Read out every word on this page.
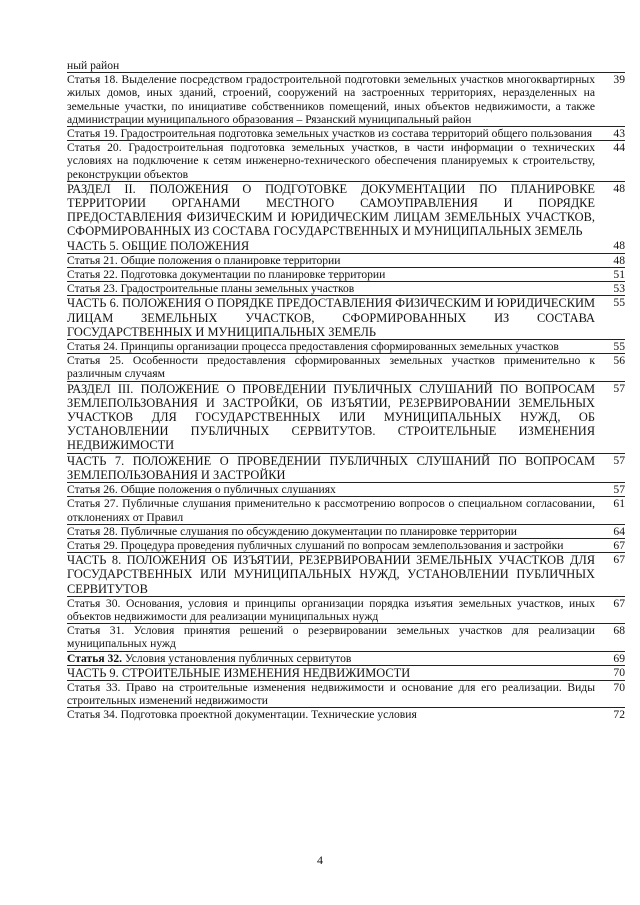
ный район	
Статья 18. Выделение посредством градостроительной подготовки земельных участков многоквартирных жилых домов, иных зданий, строений, сооружений на застроенных территориях, неразделенных на земельные участки, по инициативе собственников помещений, иных объектов недвижимости, а также администрации муниципального образования – Рязанский муниципальный район	39
Статья 19. Градостроительная подготовка земельных участков из состава территорий общего пользования	43
Статья 20. Градостроительная подготовка земельных участков, в части информации о технических условиях на подключение к сетям инженерно-технического обеспечения планируемых к строительству, реконструкции объектов	44
РАЗДЕЛ II. ПОЛОЖЕНИЯ О ПОДГОТОВКЕ ДОКУМЕНТАЦИИ ПО ПЛАНИРОВКЕ ТЕРРИТОРИИ ОРГАНАМИ МЕСТНОГО САМОУПРАВЛЕНИЯ И ПОРЯДКЕ ПРЕДОСТАВЛЕНИЯ ФИЗИЧЕСКИМ И ЮРИДИЧЕСКИМ ЛИЦАМ ЗЕМЕЛЬНЫХ УЧАСТКОВ, СФОРМИРОВАННЫХ ИЗ СОСТАВА ГОСУДАРСТВЕННЫХ И МУНИЦИПАЛЬНЫХ ЗЕМЕЛЬ	48
ЧАСТЬ 5. ОБЩИЕ ПОЛОЖЕНИЯ	48
Статья 21. Общие положения о планировке территории	48
Статья 22. Подготовка документации по планировке территории	51
Статья 23. Градостроительные планы земельных участков	53
ЧАСТЬ 6. ПОЛОЖЕНИЯ О ПОРЯДКЕ ПРЕДОСТАВЛЕНИЯ ФИЗИЧЕСКИМ И ЮРИДИЧЕСКИМ ЛИЦАМ ЗЕМЕЛЬНЫХ УЧАСТКОВ, СФОРМИРОВАННЫХ ИЗ СОСТАВА ГОСУДАРСТВЕННЫХ И МУНИЦИПАЛЬНЫХ ЗЕМЕЛЬ	55
Статья 24. Принципы организации процесса предоставления сформированных земельных участков	55
Статья 25. Особенности предоставления сформированных земельных участков применительно к различным случаям	56
РАЗДЕЛ III. ПОЛОЖЕНИЕ О ПРОВЕДЕНИИ ПУБЛИЧНЫХ СЛУШАНИЙ ПО ВОПРОСАМ ЗЕМЛЕПОЛЬЗОВАНИЯ И ЗАСТРОЙКИ, ОБ ИЗЪЯТИИ, РЕЗЕРВИРОВАНИИ ЗЕМЕЛЬНЫХ УЧАСТКОВ ДЛЯ ГОСУДАРСТВЕННЫХ ИЛИ МУНИЦИПАЛЬНЫХ НУЖД, ОБ УСТАНОВЛЕНИИ ПУБЛИЧНЫХ СЕРВИТУТОВ. СТРОИТЕЛЬНЫЕ ИЗМЕНЕНИЯ НЕДВИЖИМОСТИ	57
ЧАСТЬ 7. ПОЛОЖЕНИЕ О ПРОВЕДЕНИИ ПУБЛИЧНЫХ СЛУШАНИЙ ПО ВОПРОСАМ ЗЕМЛЕПОЛЬЗОВАНИЯ И ЗАСТРОЙКИ	57
Статья 26. Общие положения о публичных слушаниях	57
Статья 27. Публичные слушания применительно к рассмотрению вопросов о специальном согласовании, отклонениях от Правил	61
Статья 28. Публичные слушания по обсуждению документации по планировке территории	64
Статья 29. Процедура проведения публичных слушаний по вопросам землепользования и застройки	67
ЧАСТЬ 8. ПОЛОЖЕНИЯ ОБ ИЗЪЯТИИ, РЕЗЕРВИРОВАНИИ ЗЕМЕЛЬНЫХ УЧАСТКОВ ДЛЯ ГОСУДАРСТВЕННЫХ ИЛИ МУНИЦИПАЛЬНЫХ НУЖД, УСТАНОВЛЕНИИ ПУБЛИЧНЫХ СЕРВИТУТОВ	67
Статья 30. Основания, условия и принципы организации порядка изъятия земельных участков, иных объектов недвижимости для реализации муниципальных нужд	67
Статья 31. Условия принятия решений о резервировании земельных участков для реализации муниципальных нужд	68
Статья 32. Условия установления публичных сервитутов	69
ЧАСТЬ 9. СТРОИТЕЛЬНЫЕ ИЗМЕНЕНИЯ НЕДВИЖИМОСТИ	70
Статья 33. Право на строительные изменения недвижимости и основание для его реализации. Виды строительных изменений недвижимости	70
Статья 34. Подготовка проектной документации. Технические условия	72
4
